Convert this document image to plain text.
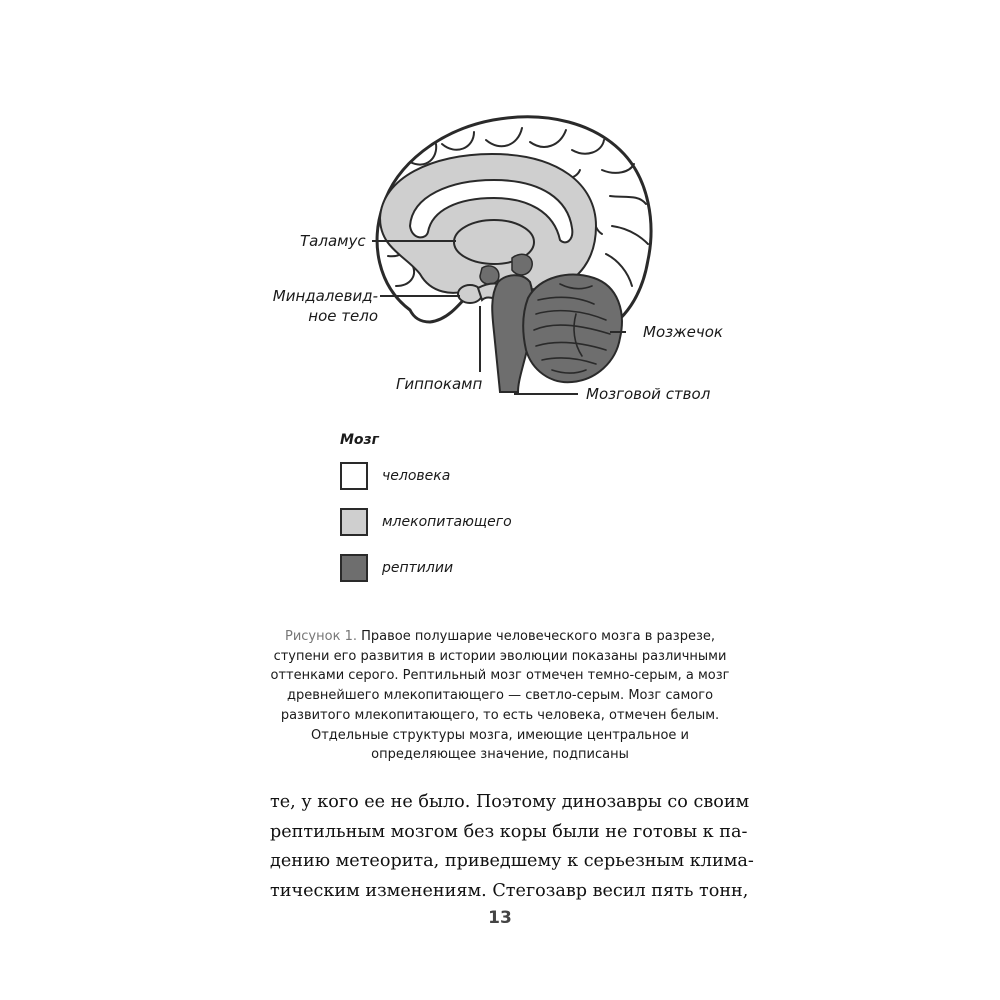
Таламус
Миндалевид-
ное тело
Мозжечок
Гиппокамп
Мозговой ствол
Мозг
человека
млекопитающего
рептилии
Рисунок 1. Правое полушарие человеческого мозга в разрезе, ступени его развития в истории эволюции показаны различными оттенками серого. Рептильный мозг отмечен темно-серым, а мозг древнейшего млекопитающего — светло-серым. Мозг самого развитого млекопитающего, то есть человека, отмечен белым. Отдельные структуры мозга, имеющие центральное и определяющее значение, подписаны
те, у кого ее не было. Поэтому динозавры со своим
рептильным мозгом без коры были не готовы к па-
дению метеорита, приведшему к серьезным клима-
тическим изменениям. Стегозавр весил пять тонн,
13
